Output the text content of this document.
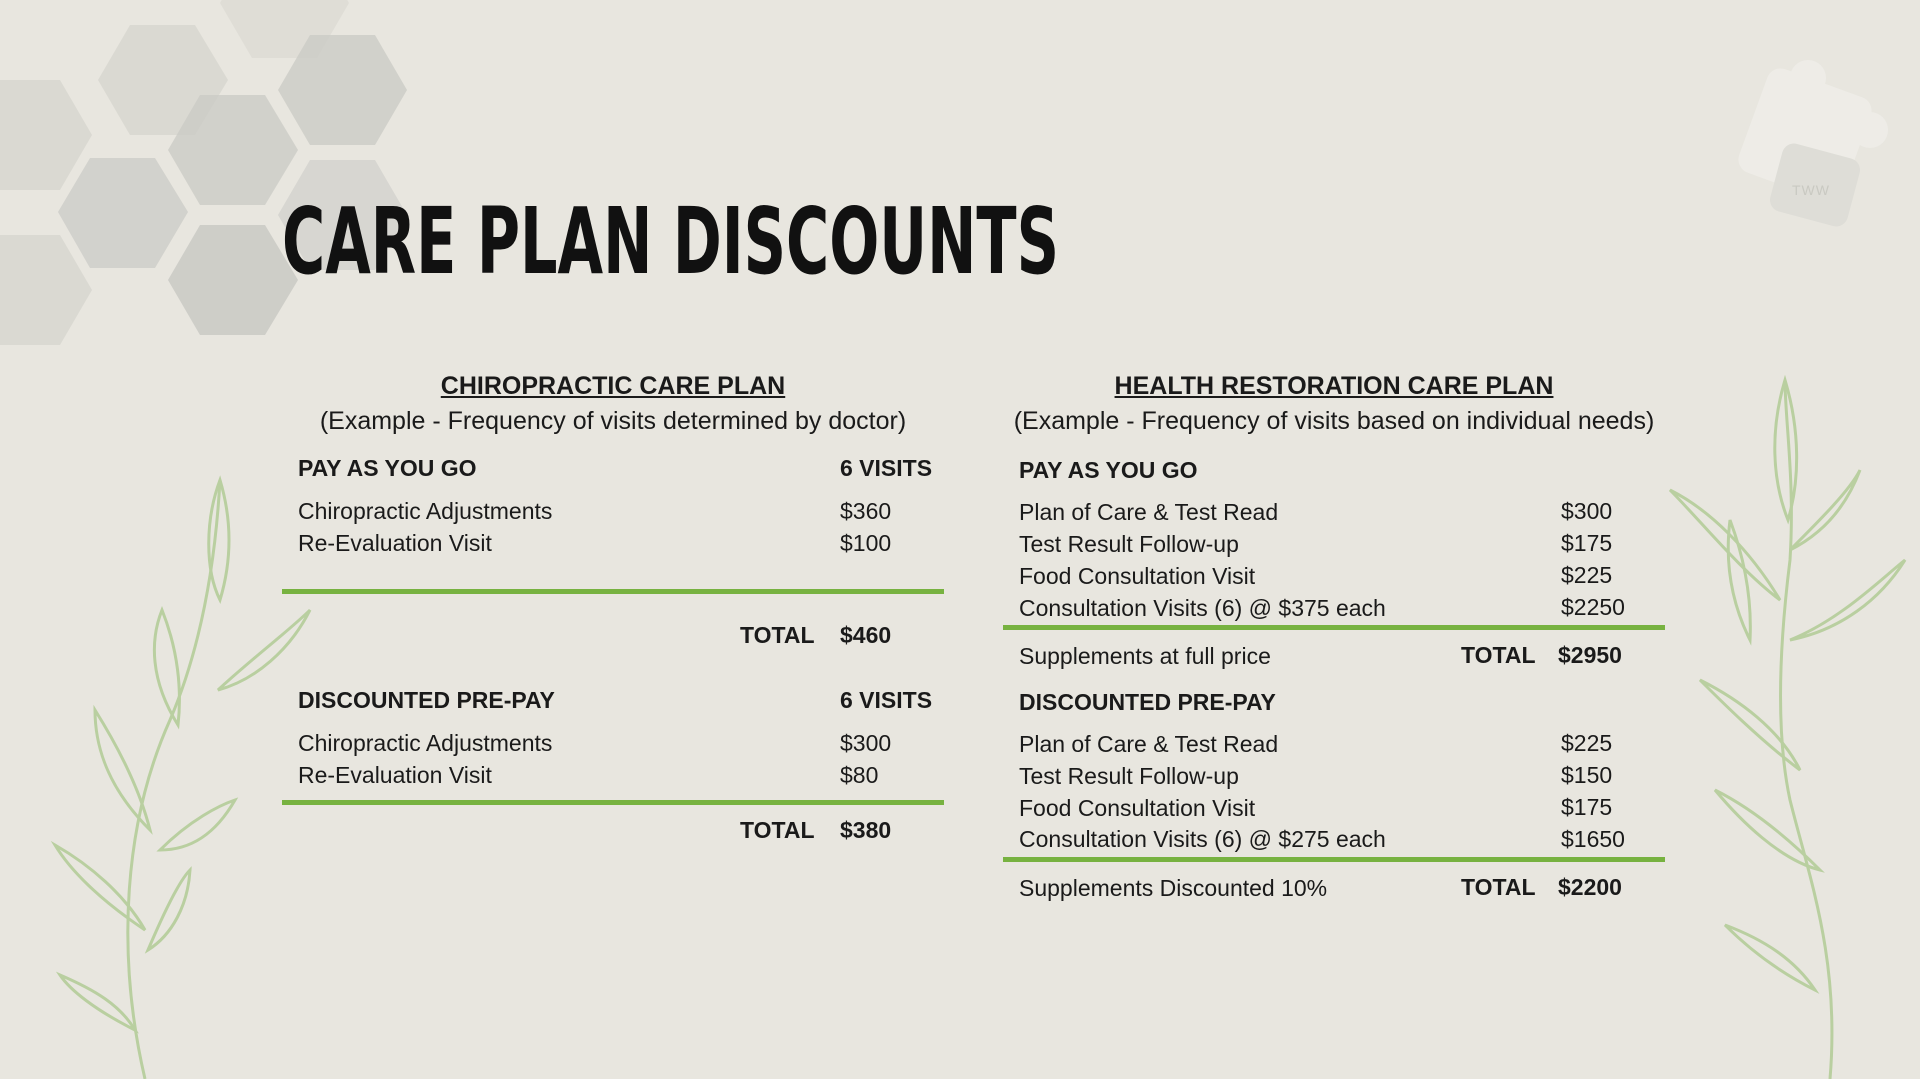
TWW
CARE PLAN DISCOUNTS
CHIROPRACTIC CARE PLAN
(Example - Frequency of visits determined by doctor)
PAY AS YOU GO	6 VISITS
Chiropractic Adjustments	$360
Re-Evaluation Visit	$100
TOTAL $460
DISCOUNTED PRE-PAY	6 VISITS
Chiropractic Adjustments	$300
Re-Evaluation Visit	$80
TOTAL $380
HEALTH RESTORATION CARE PLAN
(Example - Frequency of visits based on individual needs)
PAY AS YOU GO
Plan of Care & Test Read	$300
Test Result Follow-up	$175
Food Consultation Visit	$225
Consultation Visits (6) @ $375 each	$2250
Supplements at full price	TOTAL $2950
DISCOUNTED PRE-PAY
Plan of Care & Test Read	$225
Test Result Follow-up	$150
Food Consultation Visit	$175
Consultation Visits (6) @ $275 each	$1650
Supplements Discounted 10%	TOTAL $2200
